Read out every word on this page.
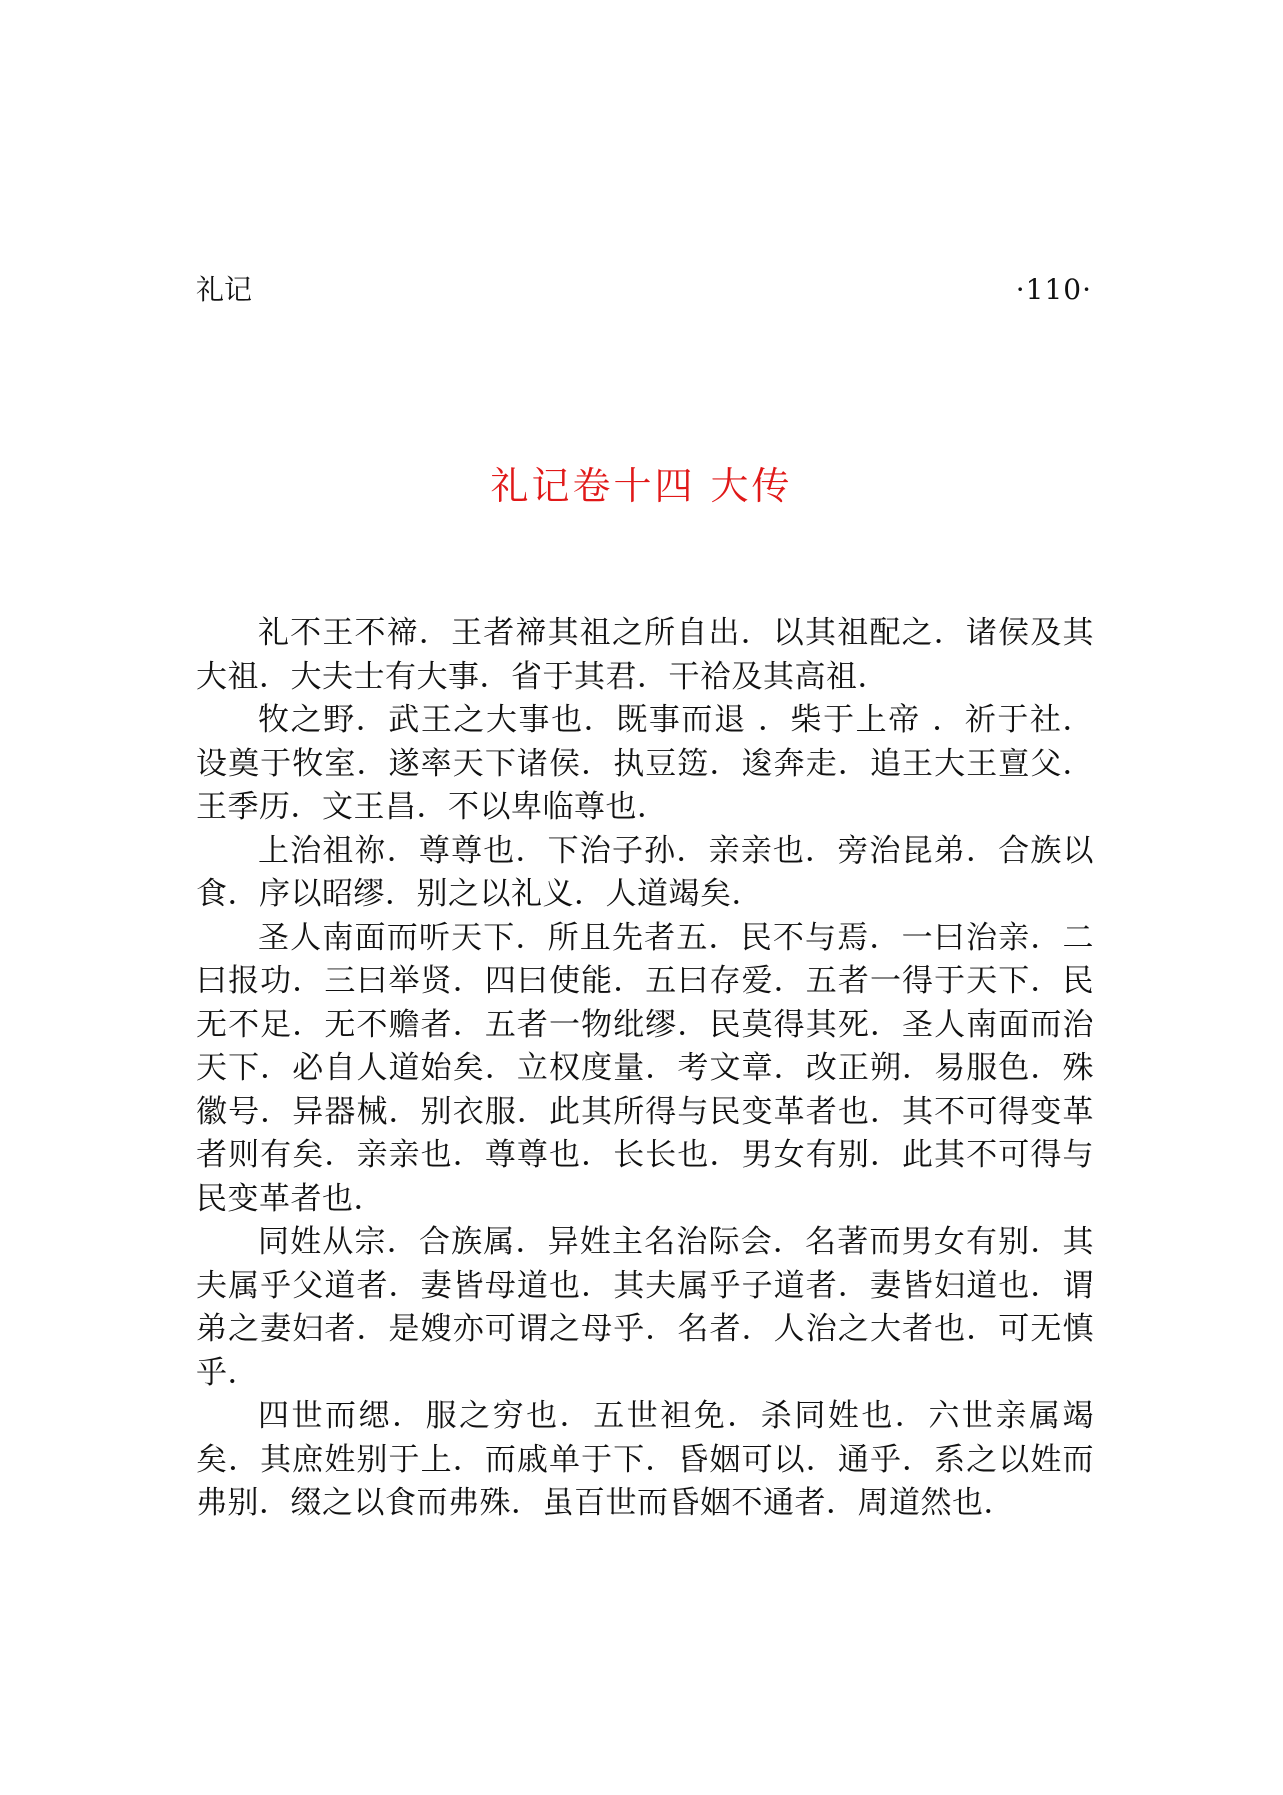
礼记	·110·
礼记卷十四 大传

礼不王不禘．王者禘其祖之所自出．以其祖配之．诸侯及其大祖．大夫士有大事．省于其君．干祫及其高祖．

牧之野．武王之大事也．既事而退 ．柴于上帝 ．祈于社．设奠于牧室．遂率天下诸侯．执豆笾．逡奔走．追王大王亶父．王季历．文王昌．不以卑临尊也．

上治祖祢．尊尊也．下治子孙．亲亲也．旁治昆弟．合族以食．序以昭缪．别之以礼义．人道竭矣．

圣人南面而听天下．所且先者五．民不与焉．一曰治亲．二曰报功．三曰举贤．四曰使能．五曰存爱．五者一得于天下．民无不足．无不赡者．五者一物纰缪．民莫得其死．圣人南面而治天下．必自人道始矣．立权度量．考文章．改正朔．易服色．殊徽号．异器械．别衣服．此其所得与民变革者也．其不可得变革者则有矣．亲亲也．尊尊也．长长也．男女有别．此其不可得与民变革者也．

同姓从宗．合族属．异姓主名治际会．名著而男女有别．其夫属乎父道者．妻皆母道也．其夫属乎子道者．妻皆妇道也．谓弟之妻妇者．是嫂亦可谓之母乎．名者．人治之大者也．可无慎乎．

四世而缌．服之穷也．五世袒免．杀同姓也．六世亲属竭矣．其庶姓别于上．而戚单于下．昏姻可以．通乎．系之以姓而弗别．缀之以食而弗殊．虽百世而昏姻不通者．周道然也．
